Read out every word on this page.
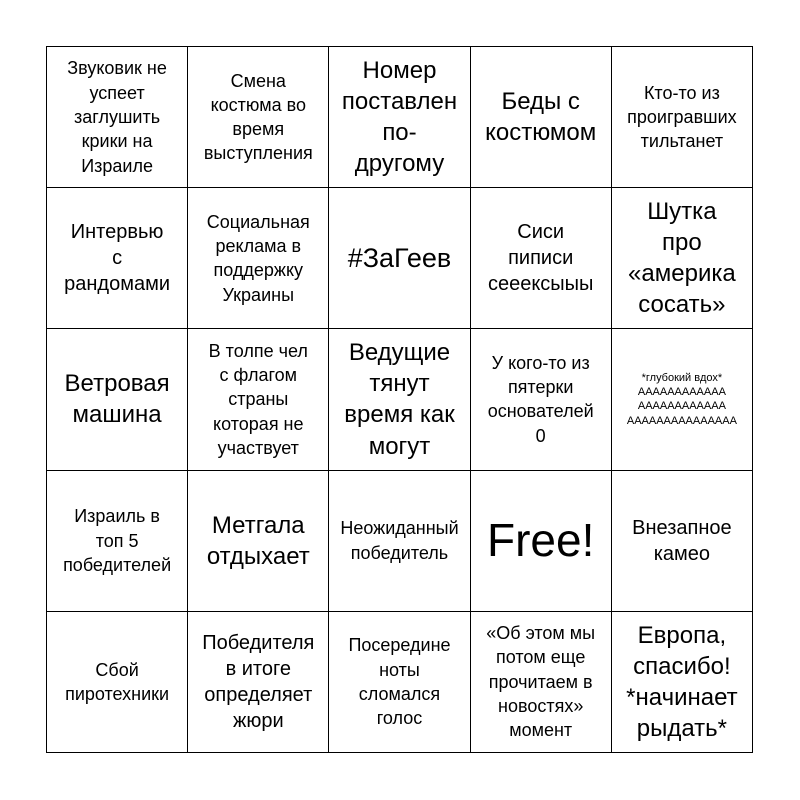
Звуковик не
успеет
заглушить
крики на
Израиле
Смена
костюма во
время
выступления
Номер
поставлен
по-
другому
Беды с
костюмом
Кто-то из
проигравших
тильтанет
Интервью
с
рандомами
Социальная
реклама в
поддержку
Украины
#ЗаГеев
Сиси
пиписи
сееексыыы
Шутка
про
«америка
сосать»
Ветровая
машина
В толпе чел
с флагом
страны
которая не
участвует
Ведущие
тянут
время как
могут
У кого-то из
пятерки
основателей
0
*глубокий вдох*
АААААААААААА
АААААААААААА
ААААААААААААААА
Израиль в
топ 5
победителей
Метгала
отдыхает
Неожиданный
победитель Free! Внезапное
камео
Сбой
пиротехники
Победителя
в итоге
определяет
жюри
Посередине
ноты
сломался
голос
«Об этом мы
потом еще
прочитаем в
новостях»
момент
Европа,
спасибо!
*начинает
рыдать*
